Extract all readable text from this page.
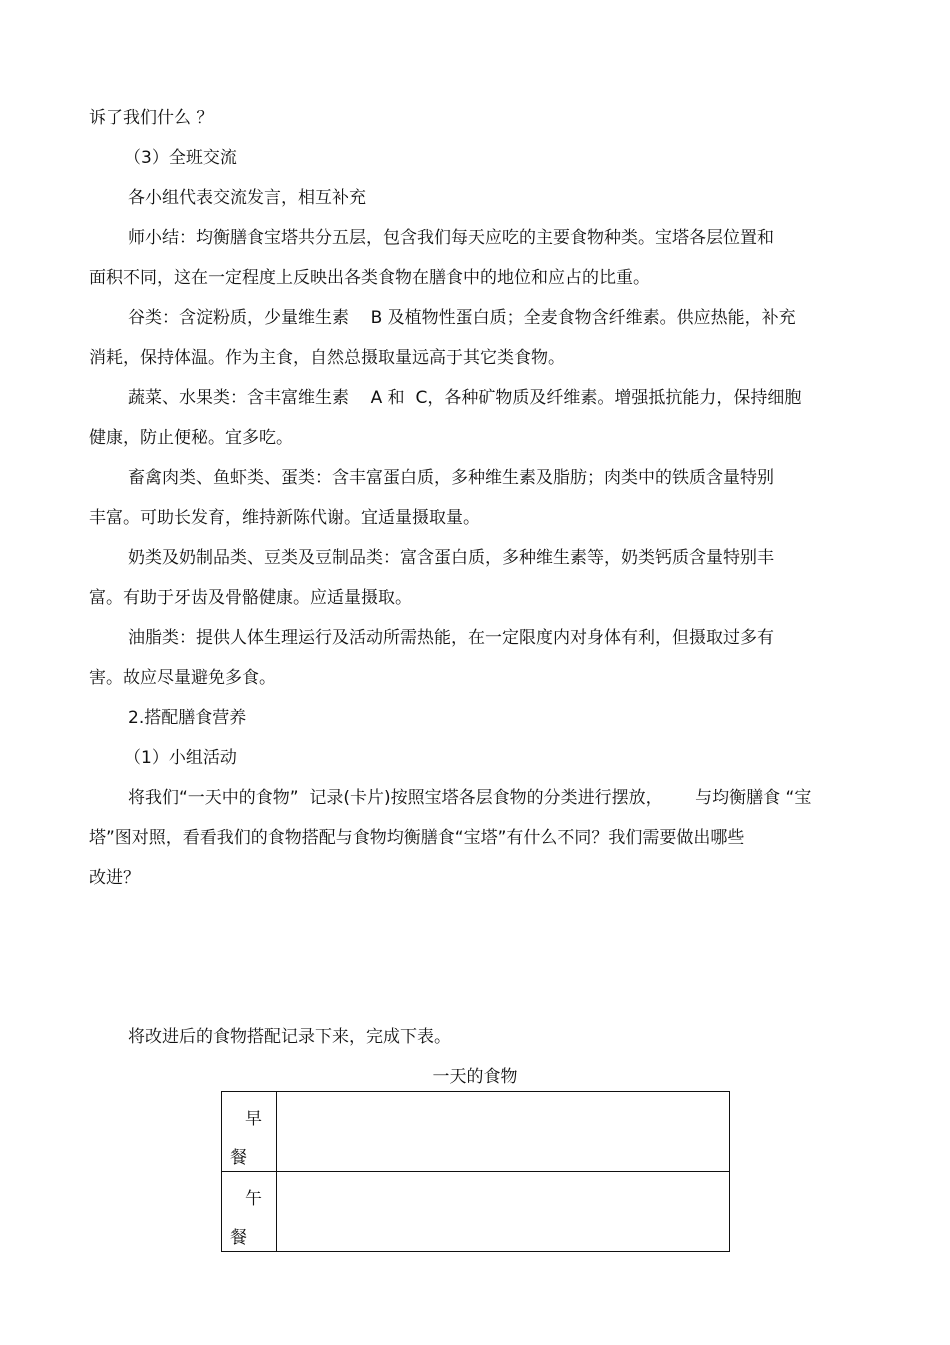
诉了我们什么 ？
（3）全班交流
各小组代表交流发言，相互补充
师小结：均衡膳食宝塔共分五层，包含我们每天应吃的主要食物种类。宝塔各层位置和
面积不同，这在一定程度上反映出各类食物在膳食中的地位和应占的比重。
谷类：含淀粉质，少量维生素    B 及植物性蛋白质；全麦食物含纤维素。供应热能，补充
消耗，保持体温。作为主食，自然总摄取量远高于其它类食物。
蔬菜、水果类：含丰富维生素    A 和  C，各种矿物质及纤维素。增强抵抗能力，保持细胞
健康，防止便秘。宜多吃。
畜禽肉类、鱼虾类、蛋类：含丰富蛋白质，多种维生素及脂肪；肉类中的铁质含量特别
丰富。可助长发育，维持新陈代谢。宜适量摄取量。
奶类及奶制品类、豆类及豆制品类：富含蛋白质，多种维生素等，奶类钙质含量特别丰
富。有助于牙齿及骨骼健康。应适量摄取。
油脂类：提供人体生理运行及活动所需热能，在一定限度内对身体有利，但摄取过多有
害。故应尽量避免多食。
2.搭配膳食营养
（1）小组活动
将我们“一天中的食物”  记录(卡片)按照宝塔各层食物的分类进行摆放，      与均衡膳食 “宝
塔”图对照，看看我们的食物搭配与食物均衡膳食“宝塔”有什么不同？我们需要做出哪些
改进？
将改进后的食物搭配记录下来，完成下表。
一天的食物
早
餐	

午
餐	
